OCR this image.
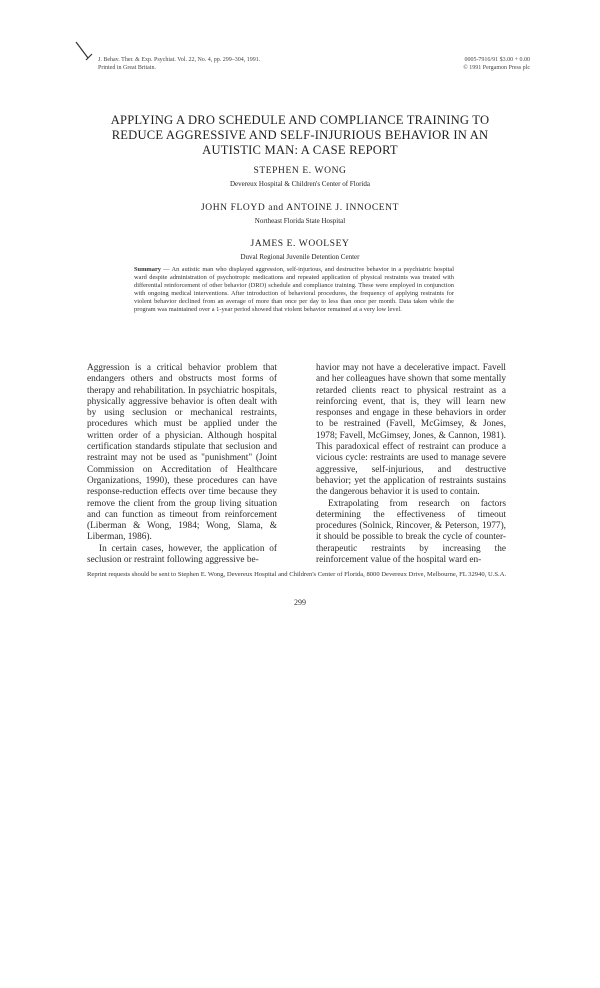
J. Behav. Ther. & Exp. Psychiat. Vol. 22, No. 4, pp. 299–304, 1991.
Printed in Great Britain.
0005-7916/91 $3.00 + 0.00
© 1991 Pergamon Press plc
APPLYING A DRO SCHEDULE AND COMPLIANCE TRAINING TO REDUCE AGGRESSIVE AND SELF-INJURIOUS BEHAVIOR IN AN AUTISTIC MAN: A CASE REPORT
STEPHEN E. WONG
Devereux Hospital & Children's Center of Florida
JOHN FLOYD and ANTOINE J. INNOCENT
Northeast Florida State Hospital
JAMES E. WOOLSEY
Duval Regional Juvenile Detention Center
Summary — An autistic man who displayed aggression, self-injurious, and destructive behavior in a psychiatric hospital ward despite administration of psychotropic medications and repeated application of physical restraints was treated with differential reinforcement of other behavior (DRO) schedule and compliance training. These were employed in conjunction with ongoing medical interventions. After introduction of behavioral procedures, the frequency of applying restraints for violent behavior declined from an average of more than once per day to less than once per month. Data taken while the program was maintained over a 1-year period showed that violent behavior remained at a very low level.

Aggression is a critical behavior problem that endangers others and obstructs most forms of therapy and rehabilitation. In psychiatric hospitals, physically aggressive behavior is often dealt with by using seclusion or mechanical restraints, procedures which must be applied under the written order of a physician. Although hospital certification standards stipulate that seclusion and restraint may not be used as "punishment" (Joint Commission on Accreditation of Healthcare Organizations, 1990), these procedures can have response-reduction effects over time because they remove the client from the group living situation and can function as timeout from reinforcement (Liberman & Wong, 1984; Wong, Slama, & Liberman, 1986).

In certain cases, however, the application of seclusion or restraint following aggressive be-

havior may not have a decelerative impact. Favell and her colleagues have shown that some mentally retarded clients react to physical restraint as a reinforcing event, that is, they will learn new responses and engage in these behaviors in order to be restrained (Favell, McGimsey, & Jones, 1978; Favell, McGimsey, Jones, & Cannon, 1981). This paradoxical effect of restraint can produce a vicious cycle: restraints are used to manage severe aggressive, self-injurious, and destructive behavior; yet the application of restraints sustains the dangerous behavior it is used to contain.

Extrapolating from research on factors determining the effectiveness of timeout procedures (Solnick, Rincover, & Peterson, 1977), it should be possible to break the cycle of counter-therapeutic restraints by increasing the reinforcement value of the hospital ward en-

Reprint requests should be sent to Stephen E. Wong, Devereux Hospital and Children's Center of Florida, 8000 Devereux Drive, Melbourne, FL 32940, U.S.A.
299
